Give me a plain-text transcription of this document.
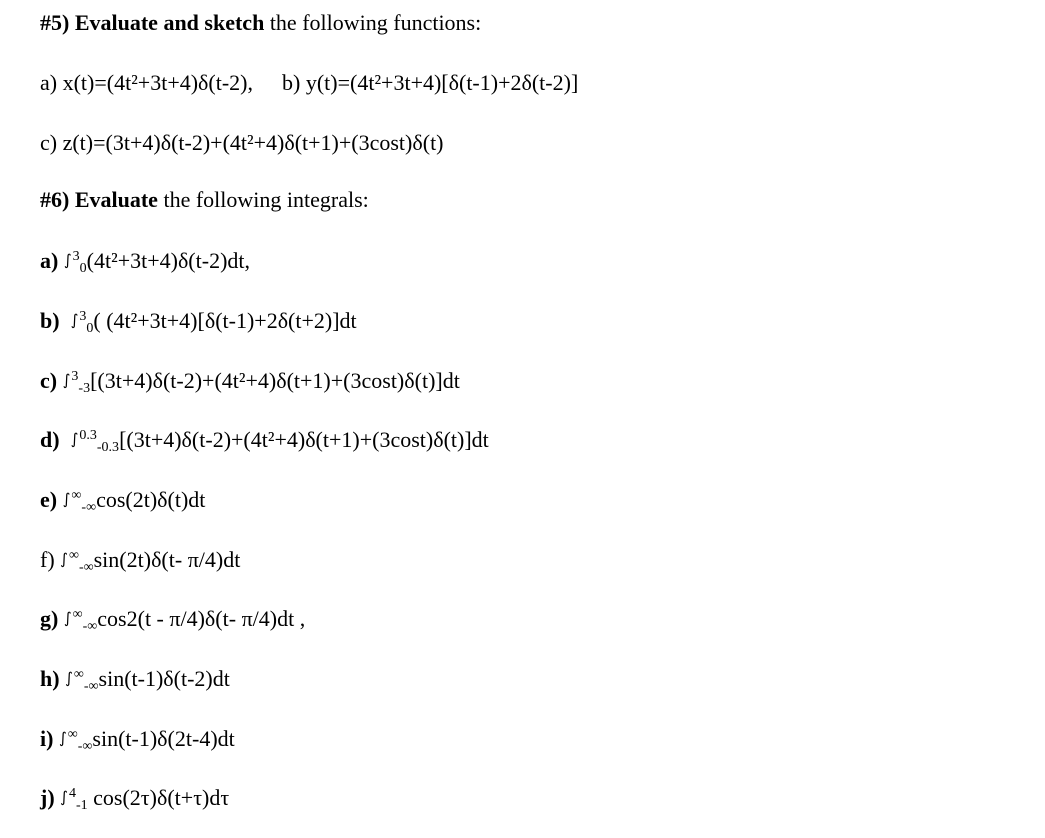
#5) Evaluate and sketch the following functions:
a) x(t)=(4t²+3t+4)δ(t-2), b) y(t)=(4t²+3t+4)[δ(t-1)+2δ(t-2)]
c) z(t)=(3t+4)δ(t-2)+(4t²+4)δ(t+1)+(3cost)δ(t)
#6) Evaluate the following integrals:
a) ∫$^3$0(4t²+3t+4)δ(t-2)dt,
b) ∫$^3$0( (4t²+3t+4)[δ(t-1)+2δ(t+2)]dt
c) ∫$^3$-3[(3t+4)δ(t-2)+(4t²+4)δ(t+1)+(3cost)δ(t)]dt
d) ∫$^{0.3}$-0.3[(3t+4)δ(t-2)+(4t²+4)δ(t+1)+(3cost)δ(t)]dt
e) ∫∞-∞cos(2t)δ(t)dt
f) ∫∞-∞sin(2t)δ(t- π/4)dt
g) ∫∞-∞cos2(t - π/4)δ(t- π/4)dt ,
h) ∫∞-∞sin(t-1)δ(t-2)dt
i) ∫∞-∞sin(t-1)δ(2t-4)dt
j) ∫$^4$-1 cos(2τ)δ(t+τ)dτ
